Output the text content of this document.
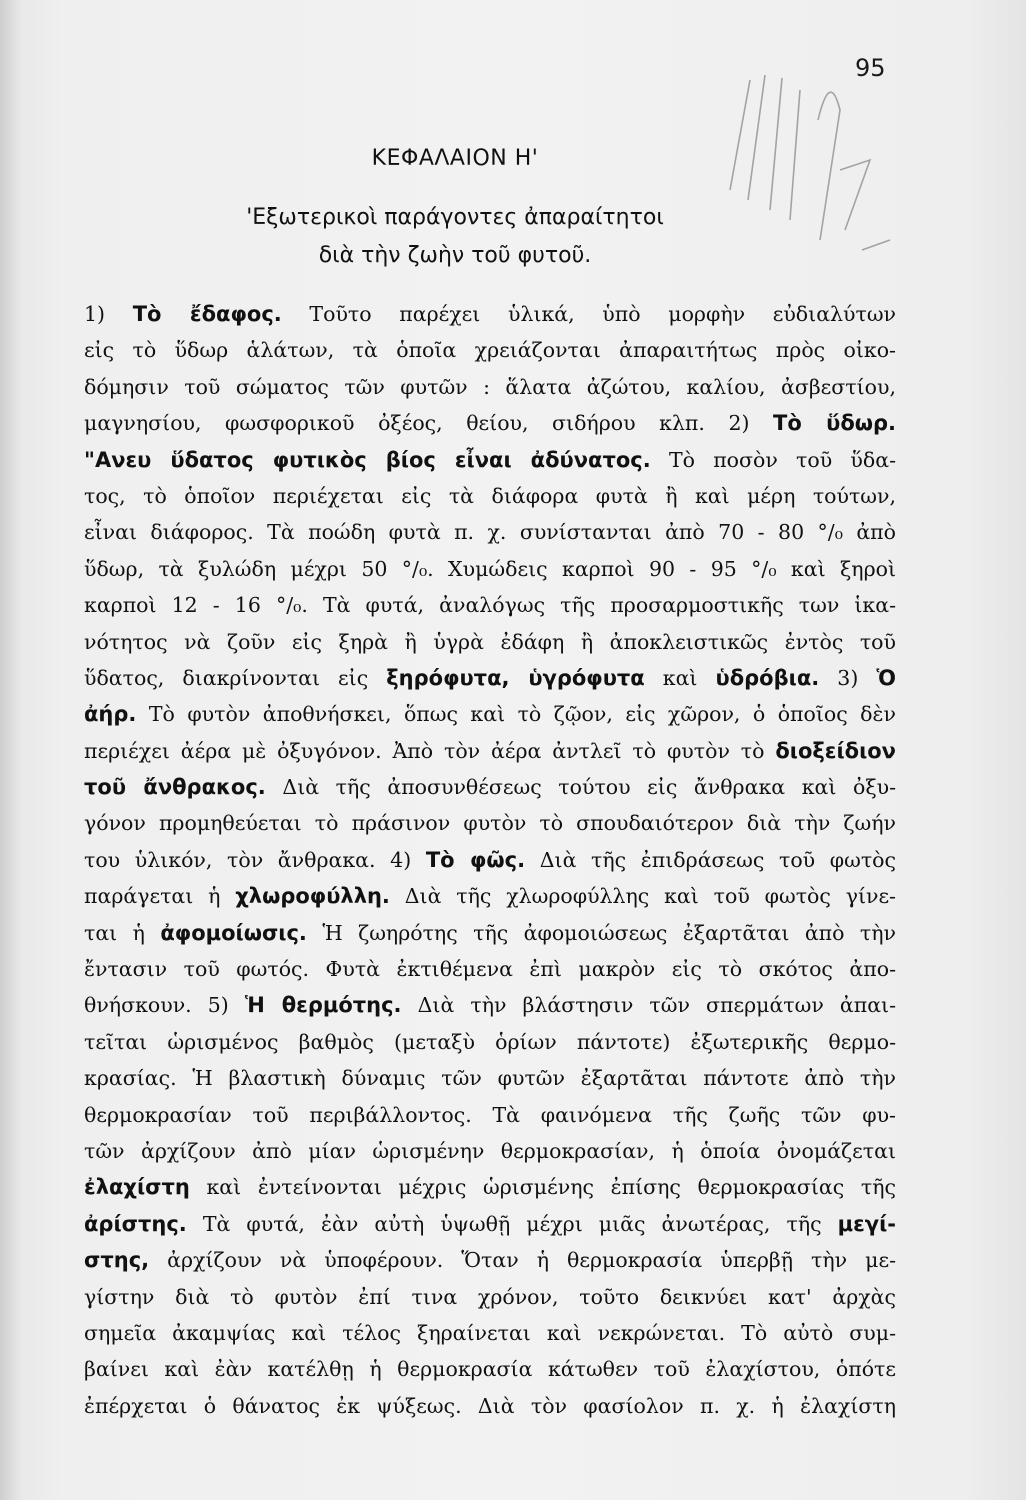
95
ΚΕΦΑΛΑΙΟΝ Η'
'Εξωτερικοὶ παράγοντες ἀπαραίτητοι
διὰ τὴν ζωὴν τοῦ φυτοῦ.
1) Τὸ ἔδαφος. Τοῦτο παρέχει ὑλικά, ὑπὸ μορφὴν εὐδιαλύτων
εἰς τὸ ὕδωρ ἁλάτων, τὰ ὁποῖα χρειάζονται ἀπαραιτήτως πρὸς οἰκο-
δόμησιν τοῦ σώματος τῶν φυτῶν : ἅλατα ἀζώτου, καλίου, ἀσβεστίου,
μαγνησίου, φωσφορικοῦ ὀξέος, θείου, σιδήρου κλπ. 2) Τὸ ὕδωρ.
"Ανευ ὕδατος φυτικὸς βίος εἶναι ἀδύνατος. Τὸ ποσὸν τοῦ ὕδα-
τος, τὸ ὁποῖον περιέχεται εἰς τὰ διάφορα φυτὰ ἢ καὶ μέρη τούτων,
εἶναι διάφορος. Τὰ ποώδη φυτὰ π. χ. συνίστανται ἀπὸ 70 - 80 °/₀ ἀπὸ
ὕδωρ, τὰ ξυλώδη μέχρι 50 °/₀. Χυμώδεις καρποὶ 90 - 95 °/₀ καὶ ξηροὶ
καρποὶ 12 - 16 °/₀. Τὰ φυτά, ἀναλόγως τῆς προσαρμοστικῆς των ἱκα-
νότητος νὰ ζοῦν εἰς ξηρὰ ἢ ὑγρὰ ἐδάφη ἢ ἀποκλειστικῶς ἐντὸς τοῦ
ὕδατος, διακρίνονται εἰς ξηρόφυτα, ὑγρόφυτα καὶ ὑδρόβια. 3) Ὁ
ἀήρ. Τὸ φυτὸν ἀποθνήσκει, ὅπως καὶ τὸ ζῷον, εἰς χῶρον, ὁ ὁποῖος δὲν
περιέχει ἀέρα μὲ ὀξυγόνον. Ἀπὸ τὸν ἀέρα ἀντλεῖ τὸ φυτὸν τὸ διοξείδιον
τοῦ ἄνθρακος. Διὰ τῆς ἀποσυνθέσεως τούτου εἰς ἄνθρακα καὶ ὀξυ-
γόνον προμηθεύεται τὸ πράσινον φυτὸν τὸ σπουδαιότερον διὰ τὴν ζωήν
του ὑλικόν, τὸν ἄνθρακα. 4) Τὸ φῶς. Διὰ τῆς ἐπιδράσεως τοῦ φωτὸς
παράγεται ἡ χλωροφύλλη. Διὰ τῆς χλωροφύλλης καὶ τοῦ φωτὸς γίνε-
ται ἡ ἀφομοίωσις. Ἡ ζωηρότης τῆς ἀφομοιώσεως ἐξαρτᾶται ἀπὸ τὴν
ἔντασιν τοῦ φωτός. Φυτὰ ἐκτιθέμενα ἐπὶ μακρὸν εἰς τὸ σκότος ἀπο-
θνήσκουν. 5) Ἡ θερμότης. Διὰ τὴν βλάστησιν τῶν σπερμάτων ἀπαι-
τεῖται ὡρισμένος βαθμὸς (μεταξὺ ὁρίων πάντοτε) ἐξωτερικῆς θερμο-
κρασίας. Ἡ βλαστικὴ δύναμις τῶν φυτῶν ἐξαρτᾶται πάντοτε ἀπὸ τὴν
θερμοκρασίαν τοῦ περιβάλλοντος. Τὰ φαινόμενα τῆς ζωῆς τῶν φυ-
τῶν ἀρχίζουν ἀπὸ μίαν ὡρισμένην θερμοκρασίαν, ἡ ὁποία ὀνομάζεται
ἐλαχίστη καὶ ἐντείνονται μέχρις ὡρισμένης ἐπίσης θερμοκρασίας τῆς
ἀρίστης. Τὰ φυτά, ἐὰν αὐτὴ ὑψωθῇ μέχρι μιᾶς ἀνωτέρας, τῆς μεγί-
στης, ἀρχίζουν νὰ ὑποφέρουν. Ὅταν ἡ θερμοκρασία ὑπερβῇ τὴν με-
γίστην διὰ τὸ φυτὸν ἐπί τινα χρόνον, τοῦτο δεικνύει κατ' ἀρχὰς
σημεῖα ἀκαμψίας καὶ τέλος ξηραίνεται καὶ νεκρώνεται. Τὸ αὐτὸ συμ-
βαίνει καὶ ἐὰν κατέλθῃ ἡ θερμοκρασία κάτωθεν τοῦ ἐλαχίστου, ὁπότε
ἐπέρχεται ὁ θάνατος ἐκ ψύξεως. Διὰ τὸν φασίολον π. χ. ἡ ἐλαχίστη
